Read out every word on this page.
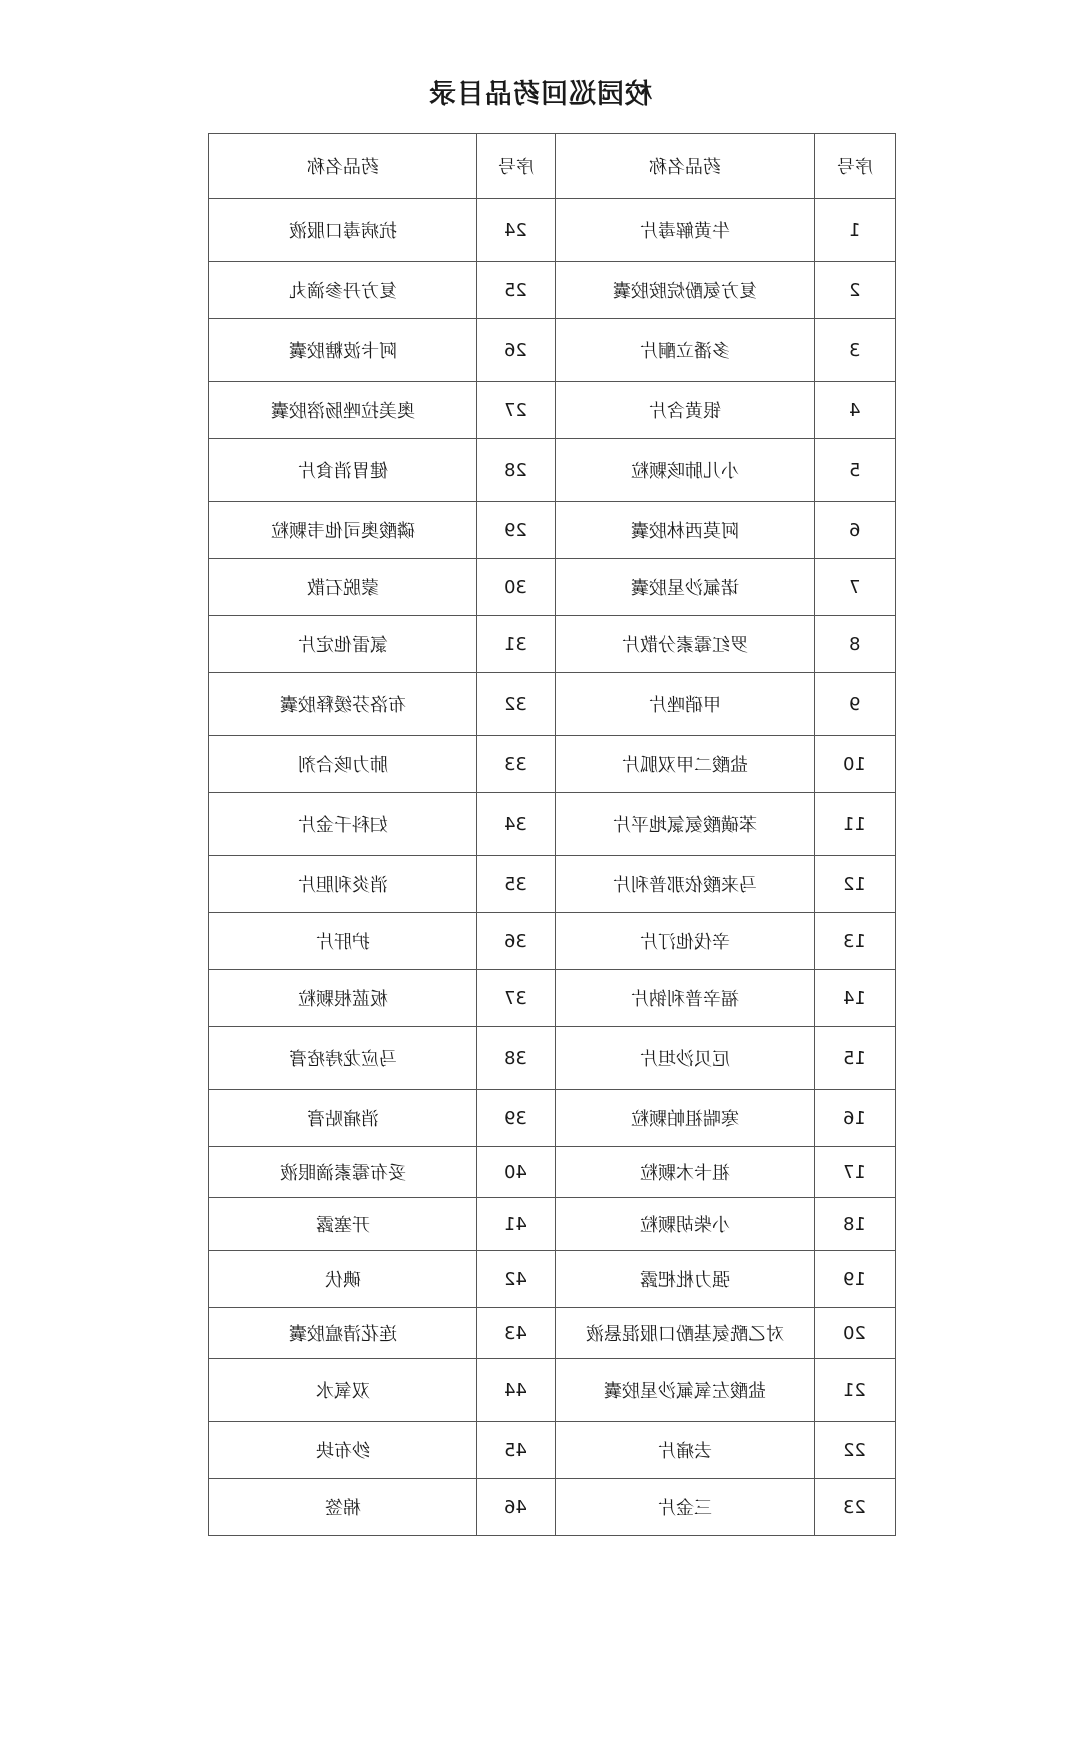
校园巡回药品目录
药品名称	序号	药品名称	序号
抗病毒口服液	24	牛黄解毒片	1
复方丹参滴丸	25	复方氨酚烷胺胶囊	2
阿卡波糖胶囊	26	多潘立酮片	3
奥美拉唑肠溶胶囊	27	银黄含片	4
健胃消食片	28	小儿肺咳颗粒	5
磷酸奥司他韦颗粒	29	阿莫西林胶囊	6
蒙脱石散	30	诺氟沙星胶囊	7
氯雷他定片	31	罗红霉素分散片	8
布洛芬缓释胶囊	32	甲硝唑片	9
肺力咳合剂	33	盐酸二甲双胍片	10
妇科千金片	34	苯磺酸氨氯地平片	11
消炎利胆片	35	马来酸依那普利片	12
护肝片	36	辛伐他汀片	13
板蓝根颗粒	37	福辛普利钠片	14
马应龙痔疮膏	38	厄贝沙坦片	15
消痛贴膏	39	寒喘祖帕颗粒	16
妥布霉素滴眼液	40	祖卡木颗粒	17
开塞露	41	小柴胡颗粒	18
碘伏	42	强力枇杷露	19
连花清瘟胶囊	43	对乙酰氨基酚口服混悬液	20
双氧水	44	盐酸左氧氟沙星胶囊	21
纱布块	45	去痛片	22
棉签	46	三金片	23
